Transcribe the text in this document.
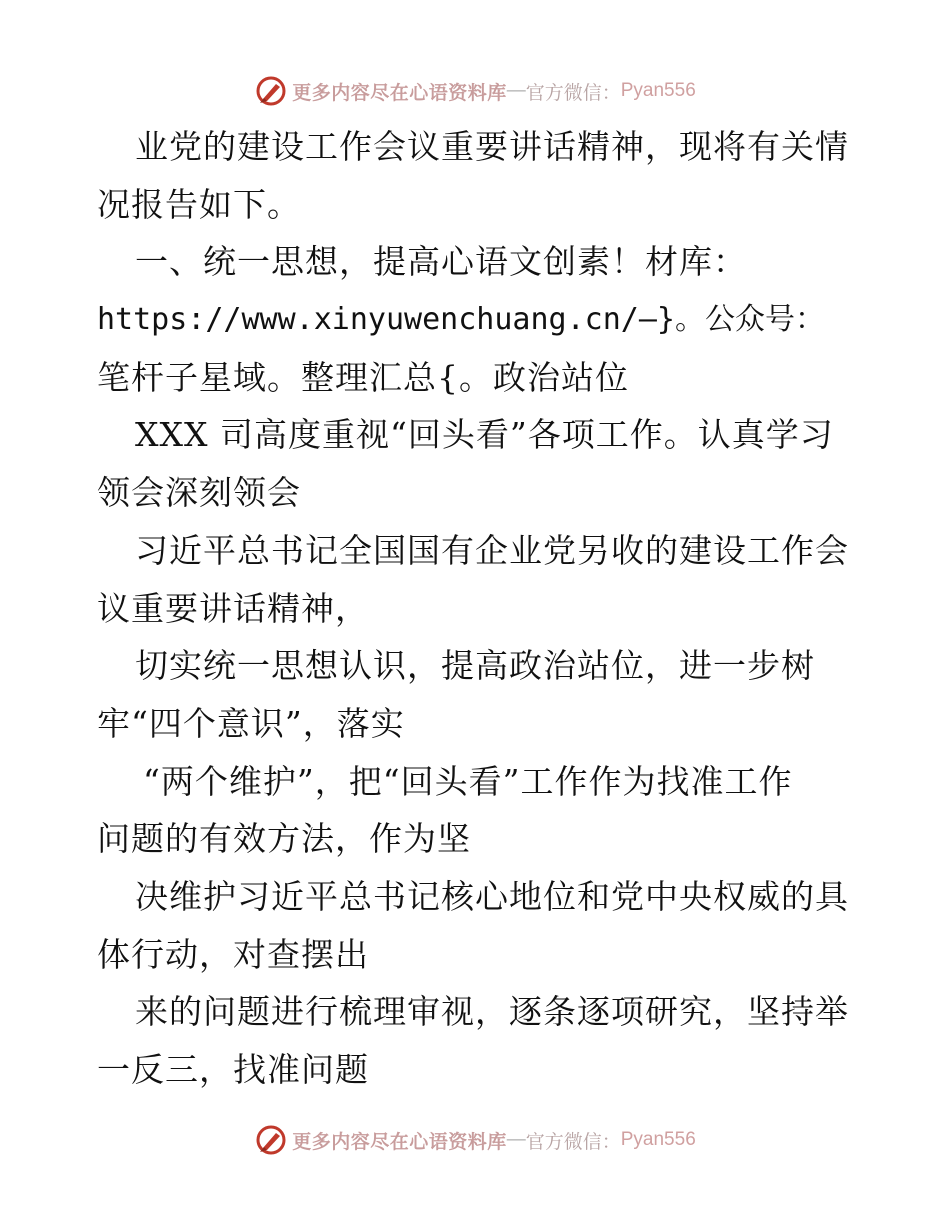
更多内容尽在心语资料库 — 官方微信： Pyan556
业党的建设工作会议重要讲话精神，现将有关情
况报告如下。
一、统一思想，提高心语文创素！材库：
https://www.xinyuwenchuang.cn/—}。公众号：
笔杆子星域。整理汇总{。政治站位
XXX 司高度重视“回头看”各项工作。认真学习
领会深刻领会
习近平总书记全国国有企业党另收的建设工作会
议重要讲话精神，
切实统一思想认识，提高政治站位，进一步树
牢“四个意识”，落实
“两个维护”，把“回头看”工作作为找准工作
问题的有效方法，作为坚
决维护习近平总书记核心地位和党中央权威的具
体行动，对查摆出
来的问题进行梳理审视，逐条逐项研究，坚持举
一反三，找准问题
更多内容尽在心语资料库 — 官方微信： Pyan556
